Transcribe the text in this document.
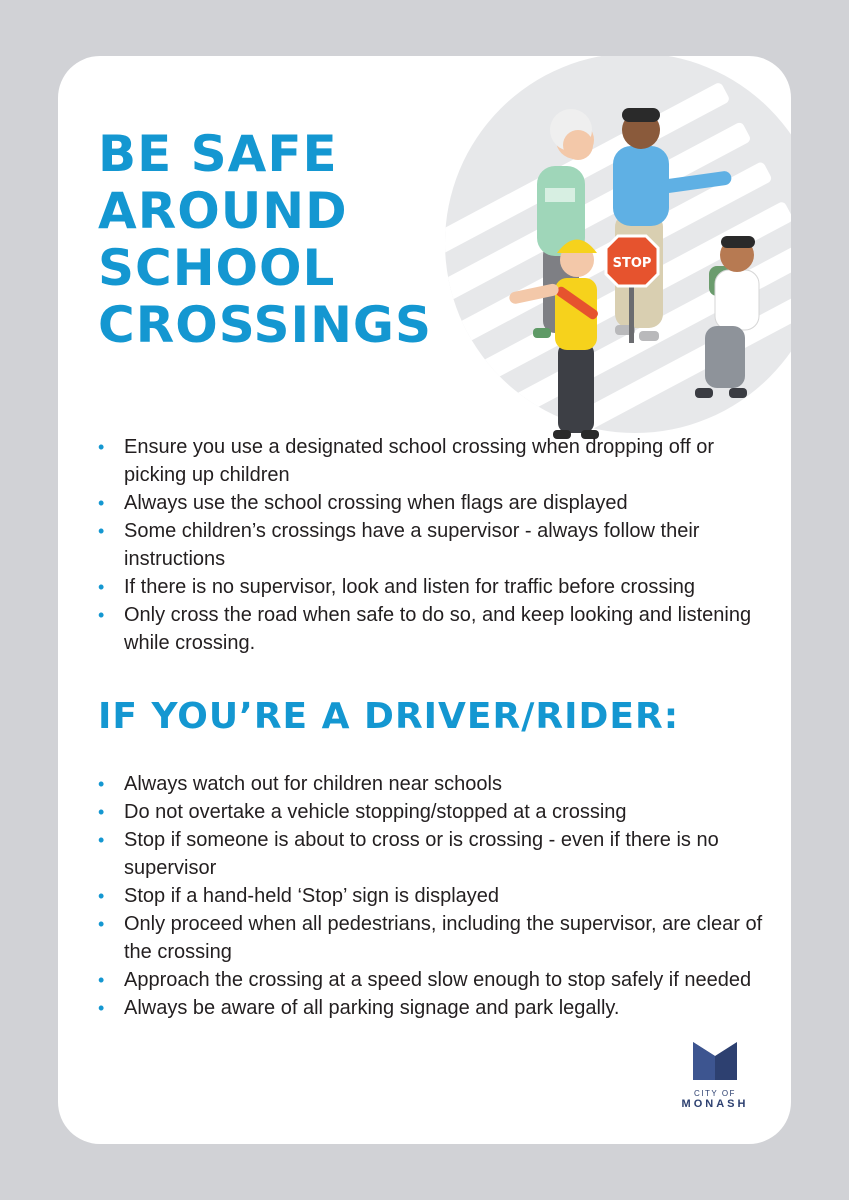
STOP
BE SAFE
AROUND
SCHOOL
CROSSINGS
• Ensure you use a designated school crossing when dropping off or picking up children
• Always use the school crossing when flags are displayed
• Some children’s crossings have a supervisor - always follow their instructions
• If there is no supervisor, look and listen for traffic before crossing
• Only cross the road when safe to do so, and keep looking and listening while crossing.
IF YOU’RE A DRIVER/RIDER:
• Always watch out for children near schools
• Do not overtake a vehicle stopping/stopped at a crossing
• Stop if someone is about to cross or is crossing - even if there is no supervisor
• Stop if a hand-held ‘Stop’ sign is displayed
• Only proceed when all pedestrians, including the supervisor, are clear of the crossing
• Approach the crossing at a speed slow enough to stop safely if needed
• Always be aware of all parking signage and park legally.
CITY OF
MONASH
